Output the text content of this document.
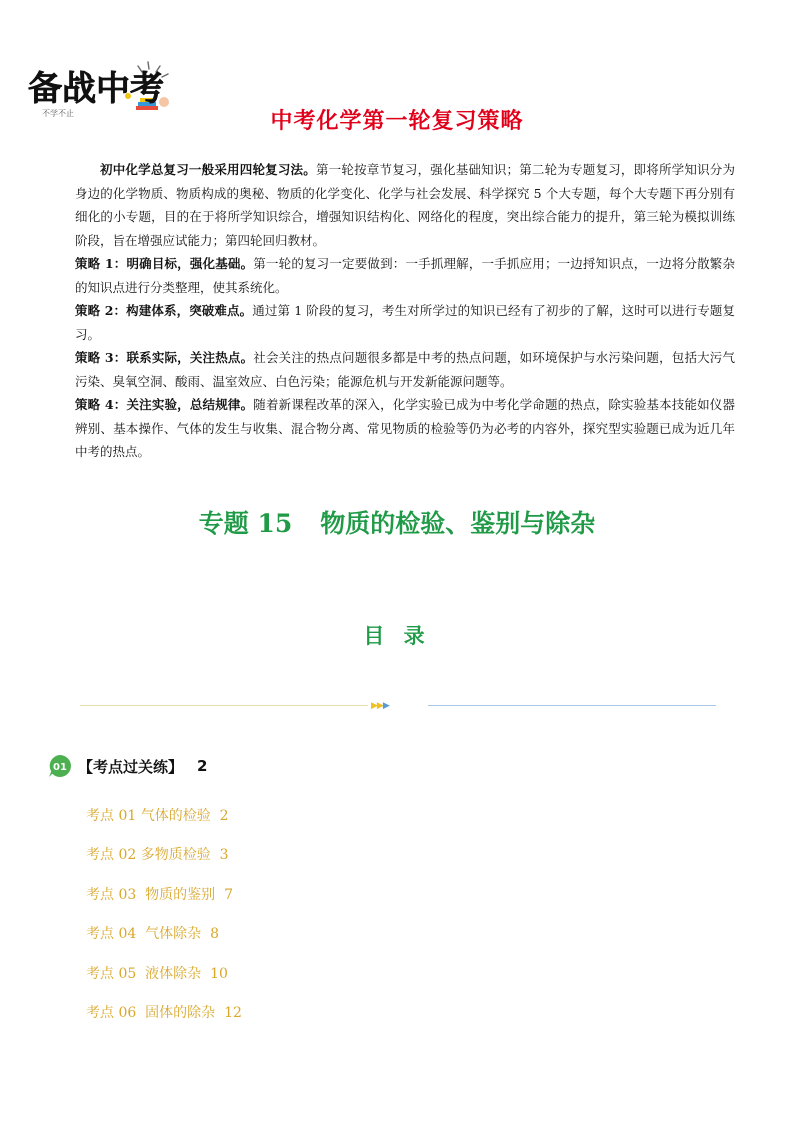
备战中考
不学不止	中考化学第一轮复习策略

初中化学总复习一般采用四轮复习法。第一轮按章节复习，强化基础知识；第二轮为专题复习，即将所学知识分为身边的化学物质、物质构成的奥秘、物质的化学变化、化学与社会发展、科学探究 5 个大专题，每个大专题下再分别有细化的小专题，目的在于将所学知识综合，增强知识结构化、网络化的程度，突出综合能力的提升，第三轮为模拟训练阶段，旨在增强应试能力；第四轮回归教材。

策略 1：明确目标，强化基础。第一轮的复习一定要做到：一手抓理解，一手抓应用；一边捋知识点，一边将分散繁杂的知识点进行分类整理，使其系统化。

策略 2：构建体系，突破难点。通过第 1 阶段的复习，考生对所学过的知识已经有了初步的了解，这时可以进行专题复习。

策略 3：联系实际，关注热点。社会关注的热点问题很多都是中考的热点问题，如环境保护与水污染问题，包括大污气污染、臭氧空洞、酸雨、温室效应、白色污染；能源危机与开发新能源问题等。

策略 4：关注实验，总结规律。随着新课程改革的深入，化学实验已成为中考化学命题的热点，除实验基本技能如仪器辨别、基本操作、气体的发生与收集、混合物分离、常见物质的检验等仍为必考的内容外，探究型实验题已成为近几年中考的热点。

专题 15 物质的检验、鉴别与除杂
目 录
▶▶▶
01 【考点过关练】 2
考点 01 气体的检验 2
考点 02 多物质检验 3
考点 03  物质的鉴别 7
考点 04  气体除杂 8
考点 05  液体除杂 10
考点 06  固体的除杂 12
